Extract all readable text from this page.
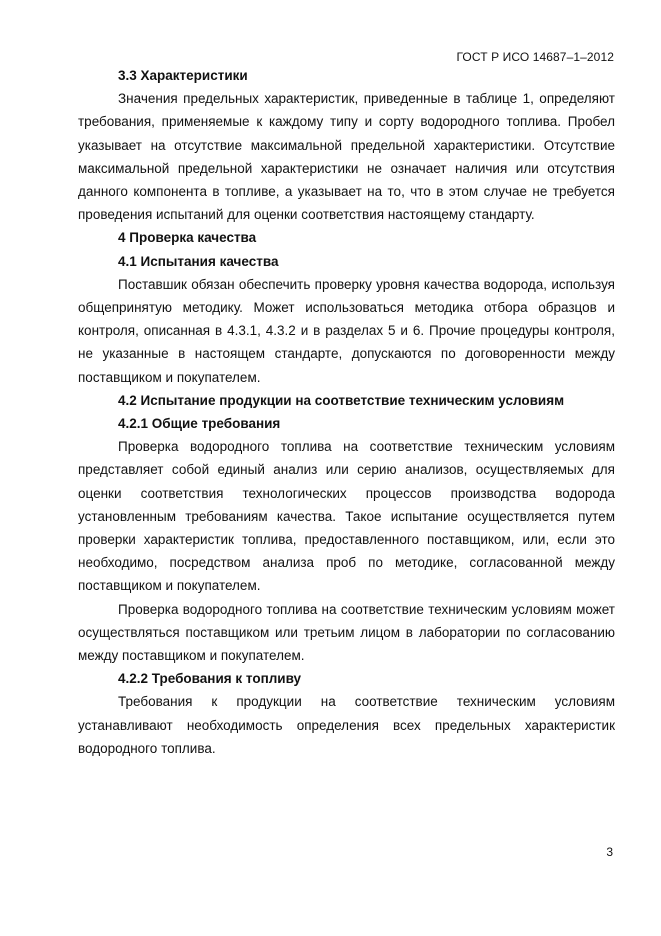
ГОСТ Р ИСО 14687–1–2012

3.3 Характеристики

Значения предельных характеристик, приведенные в таблице 1, определяют требования, применяемые к каждому типу и сорту водородного топлива. Пробел указывает на отсутствие максимальной предельной характеристики. Отсутствие максимальной предельной характеристики не означает наличия или отсутствия данного компонента в топливе, а указывает на то, что в этом случае не требуется проведения испытаний для оценки соответствия настоящему стандарту.

4 Проверка качества

4.1 Испытания качества

Поставшик обязан обеспечить проверку уровня качества водорода, используя общепринятую методику. Может использоваться методика отбора образцов и контроля, описанная в 4.3.1, 4.3.2 и в разделах 5 и 6. Прочие процедуры контроля, не указанные в настоящем стандарте, допускаются по договоренности между поставщиком и покупателем.

4.2 Испытание продукции на соответствие техническим условиям

4.2.1 Общие требования

Проверка водородного топлива на соответствие техническим условиям представляет собой единый анализ или серию анализов, осуществляемых для оценки соответствия технологических процессов производства водорода установленным требованиям качества. Такое испытание осуществляется путем проверки характеристик топлива, предоставленного поставщиком, или, если это необходимо, посредством анализа проб по методике, согласованной между поставщиком и покупателем.

Проверка водородного топлива на соответствие техническим условиям может осуществляться поставщиком или третьим лицом в лаборатории по согласованию между поставщиком и покупателем.

4.2.2 Требования к топливу

Требования к продукции на соответствие техническим условиям устанавливают необходимость определения всех предельных характеристик водородного топлива.

3
